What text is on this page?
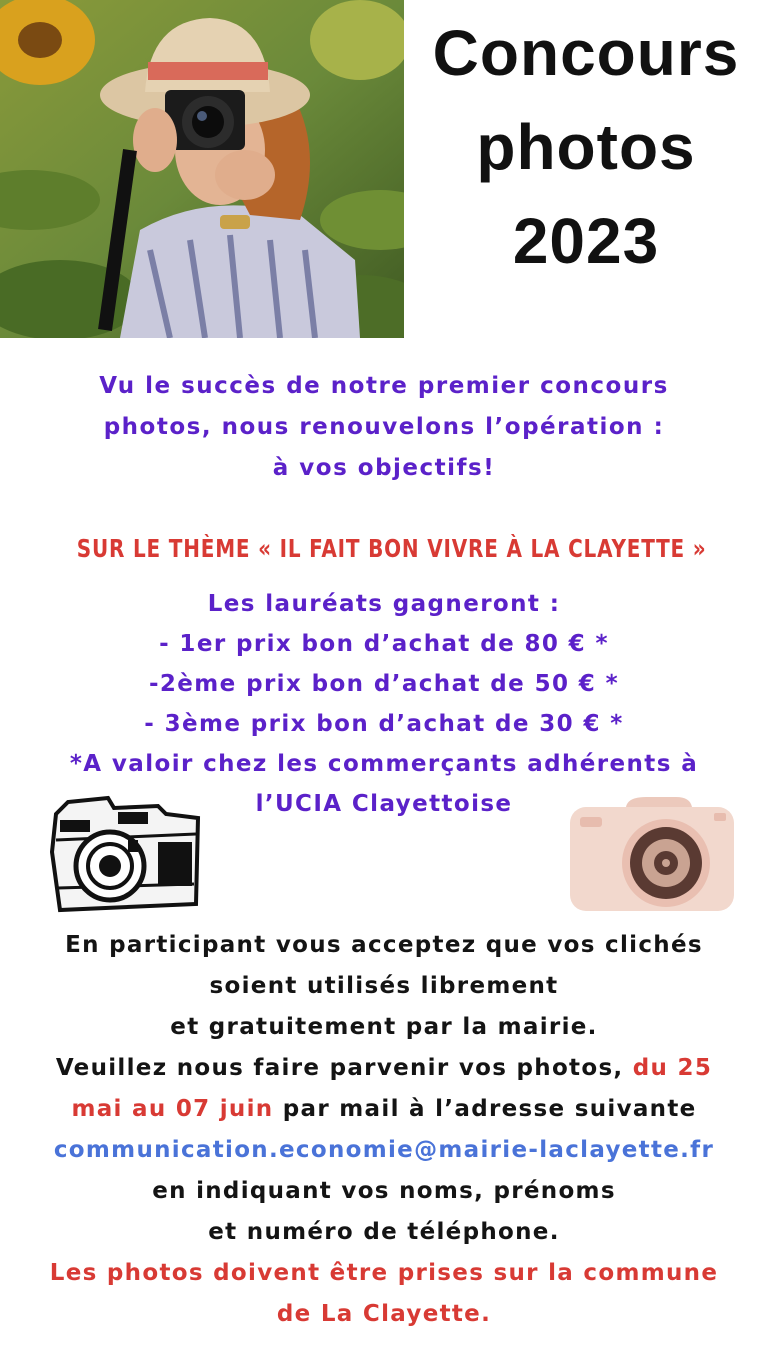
Concours
photos
2023
Vu le succès de notre premier concours
photos, nous renouvelons l’opération :
à vos objectifs!
SUR LE THÈME « IL FAIT BON VIVRE À LA CLAYETTE »
Les lauréats gagneront :
- 1er prix bon d’achat de 80 € *
-2ème prix bon d’achat de 50 € *
- 3ème prix bon d’achat de 30 € *
*A valoir chez les commerçants adhérents à
l’UCIA Clayettoise
En participant vous acceptez que vos clichés
soient utilisés librement
et gratuitement par la mairie.
Veuillez nous faire parvenir vos photos, du 25
mai au 07 juin par mail à l’adresse suivante
communication.economie@mairie-laclayette.fr
en indiquant vos noms, prénoms
et numéro de téléphone.
Les photos doivent être prises sur la commune
de La Clayette.
